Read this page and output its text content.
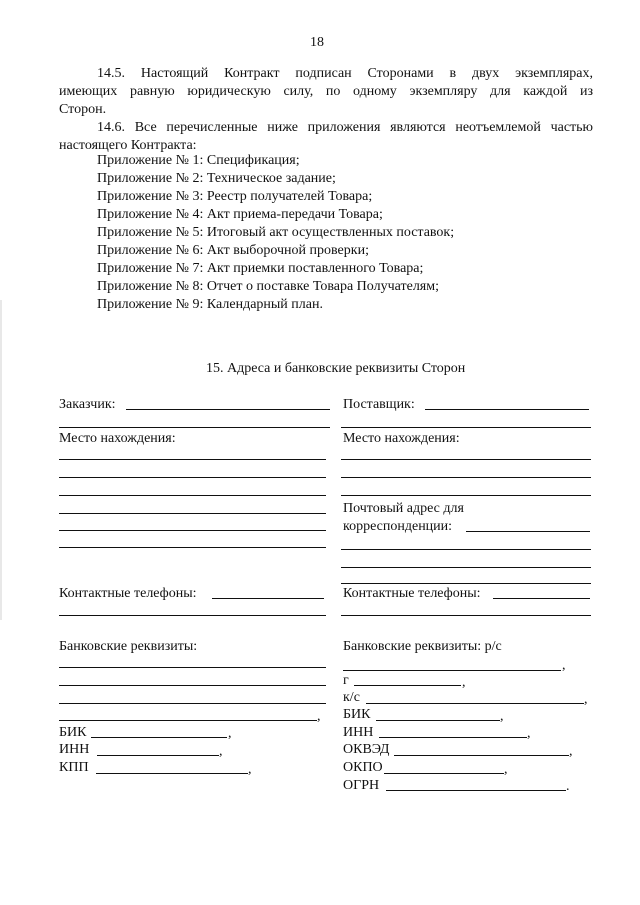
18
14.5. Настоящий Контракт подписан Сторонами в двух экземплярах,
имеющих равную юридическую силу, по одному экземпляру для каждой из
Сторон.
14.6. Все перечисленные ниже приложения являются неотъемлемой частью
настоящего Контракта:
Приложение № 1: Спецификация;
Приложение № 2: Техническое задание;
Приложение № 3: Реестр получателей Товара;
Приложение № 4: Акт приема-передачи Товара;
Приложение № 5: Итоговый акт осуществленных поставок;
Приложение № 6: Акт выборочной проверки;
Приложение № 7: Акт приемки поставленного Товара;
Приложение № 8: Отчет о поставке Товара Получателям;
Приложение № 9: Календарный план.
15. Адреса и банковские реквизиты Сторон
Заказчик:
Место нахождения:
Контактные телефоны:
Банковские реквизиты:
,
БИК	,
ИНН	,
КПП	,
Поставщик:
Место нахождения:
Почтовый адрес для
корреспонденции:
Контактные телефоны:
Банковские реквизиты: р/с
,
г	,
к/с	,
БИК	,
ИНН	,
ОКВЭД	,
ОКПО	,
ОГРН	.
